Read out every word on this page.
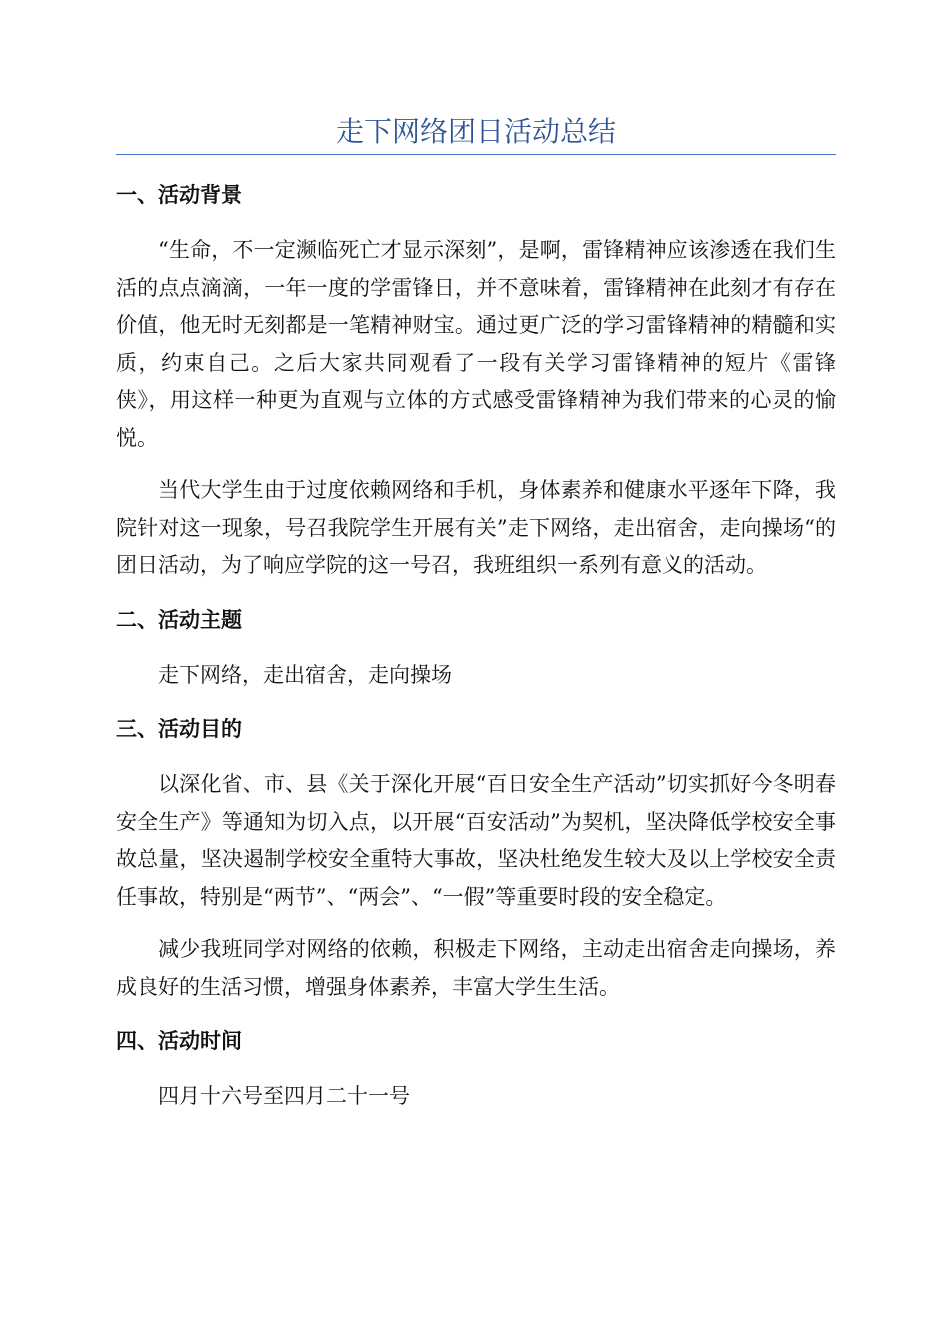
走下网络团日活动总结
一、活动背景

“生命，不一定濒临死亡才显示深刻”，是啊，雷锋精神应该渗透在我们生活的点点滴滴，一年一度的学雷锋日，并不意味着，雷锋精神在此刻才有存在价值，他无时无刻都是一笔精神财宝。通过更广泛的学习雷锋精神的精髓和实质，约束自己。之后大家共同观看了一段有关学习雷锋精神的短片《雷锋侠》，用这样一种更为直观与立体的方式感受雷锋精神为我们带来的心灵的愉悦。

当代大学生由于过度依赖网络和手机，身体素养和健康水平逐年下降，我院针对这一现象，号召我院学生开展有关”走下网络，走出宿舍，走向操场“的团日活动，为了响应学院的这一号召，我班组织一系列有意义的活动。

二、活动主题

走下网络，走出宿舍，走向操场

三、活动目的

以深化省、市、县《关于深化开展“百日安全生产活动”切实抓好今冬明春安全生产》等通知为切入点，以开展“百安活动”为契机，坚决降低学校安全事故总量，坚决遏制学校安全重特大事故，坚决杜绝发生较大及以上学校安全责任事故，特别是“两节”、“两会”、“一假”等重要时段的安全稳定。

减少我班同学对网络的依赖，积极走下网络，主动走出宿舍走向操场，养成良好的生活习惯，增强身体素养，丰富大学生生活。

四、活动时间

四月十六号至四月二十一号
